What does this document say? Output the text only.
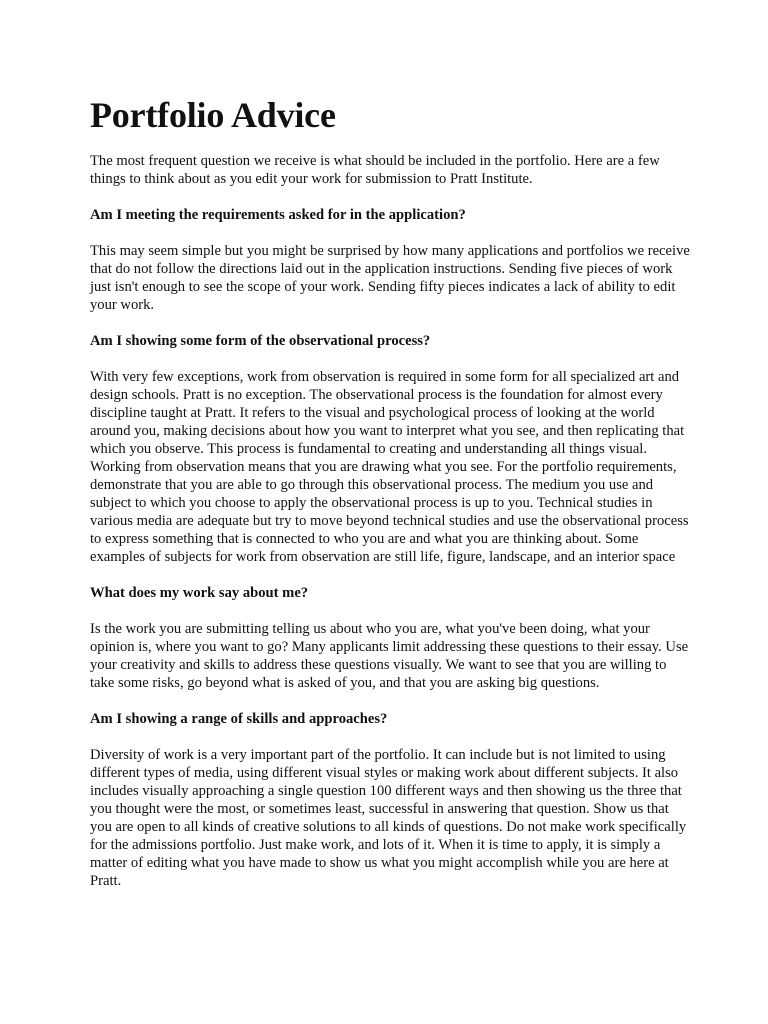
Portfolio Advice

The most frequent question we receive is what should be included in the portfolio. Here are a few things to think about as you edit your work for submission to Pratt Institute.

Am I meeting the requirements asked for in the application?

This may seem simple but you might be surprised by how many applications and portfolios we receive that do not follow the directions laid out in the application instructions. Sending five pieces of work just isn't enough to see the scope of your work. Sending fifty pieces indicates a lack of ability to edit your work.

Am I showing some form of the observational process?

With very few exceptions, work from observation is required in some form for all specialized art and design schools. Pratt is no exception. The observational process is the foundation for almost every discipline taught at Pratt. It refers to the visual and psychological process of looking at the world around you, making decisions about how you want to interpret what you see, and then replicating that which you observe. This process is fundamental to creating and understanding all things visual. Working from observation means that you are drawing what you see. For the portfolio requirements, demonstrate that you are able to go through this observational process. The medium you use and subject to which you choose to apply the observational process is up to you. Technical studies in various media are adequate but try to move beyond technical studies and use the observational process to express something that is connected to who you are and what you are thinking about. Some examples of subjects for work from observation are still life, figure, landscape, and an interior space

What does my work say about me?

Is the work you are submitting telling us about who you are, what you've been doing, what your opinion is, where you want to go? Many applicants limit addressing these questions to their essay. Use your creativity and skills to address these questions visually. We want to see that you are willing to take some risks, go beyond what is asked of you, and that you are asking big questions.

Am I showing a range of skills and approaches?

Diversity of work is a very important part of the portfolio. It can include but is not limited to using different types of media, using different visual styles or making work about different subjects. It also includes visually approaching a single question 100 different ways and then showing us the three that you thought were the most, or sometimes least, successful in answering that question. Show us that you are open to all kinds of creative solutions to all kinds of questions. Do not make work specifically for the admissions portfolio. Just make work, and lots of it. When it is time to apply, it is simply a matter of editing what you have made to show us what you might accomplish while you are here at Pratt.
